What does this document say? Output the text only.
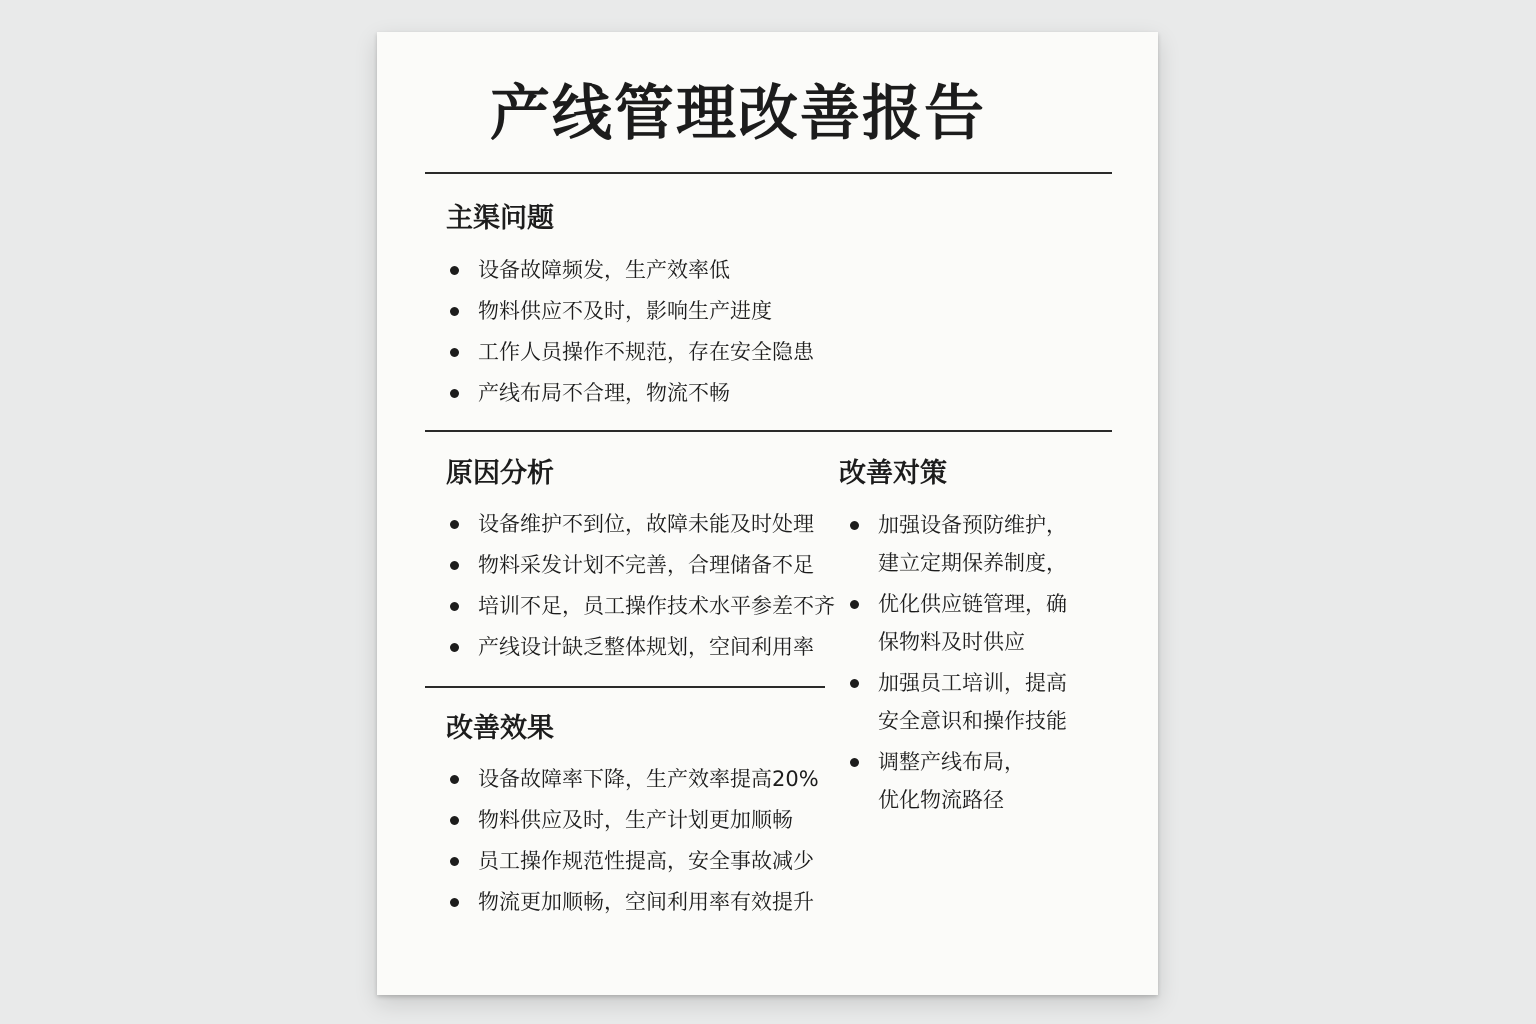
产线管理改善报告
主渠问题
设备故障频发，生产效率低
物料供应不及时，影响生产进度
工作人员操作不规范，存在安全隐患
产线布局不合理，物流不畅
原因分析
设备维护不到位，故障未能及时处理
物料采发计划不完善，合理储备不足
培训不足，员工操作技术水平参差不齐
产线设计缺乏整体规划，空间利用率
改善对策
加强设备预防维护，
建立定期保养制度，
优化供应链管理，确
保物料及时供应
加强员工培训，提高
安全意识和操作技能
调整产线布局，
优化物流路径
改善效果
设备故障率下降，生产效率提高20%
物料供应及时，生产计划更加顺畅
员工操作规范性提高，安全事故减少
物流更加顺畅，空间利用率有效提升
